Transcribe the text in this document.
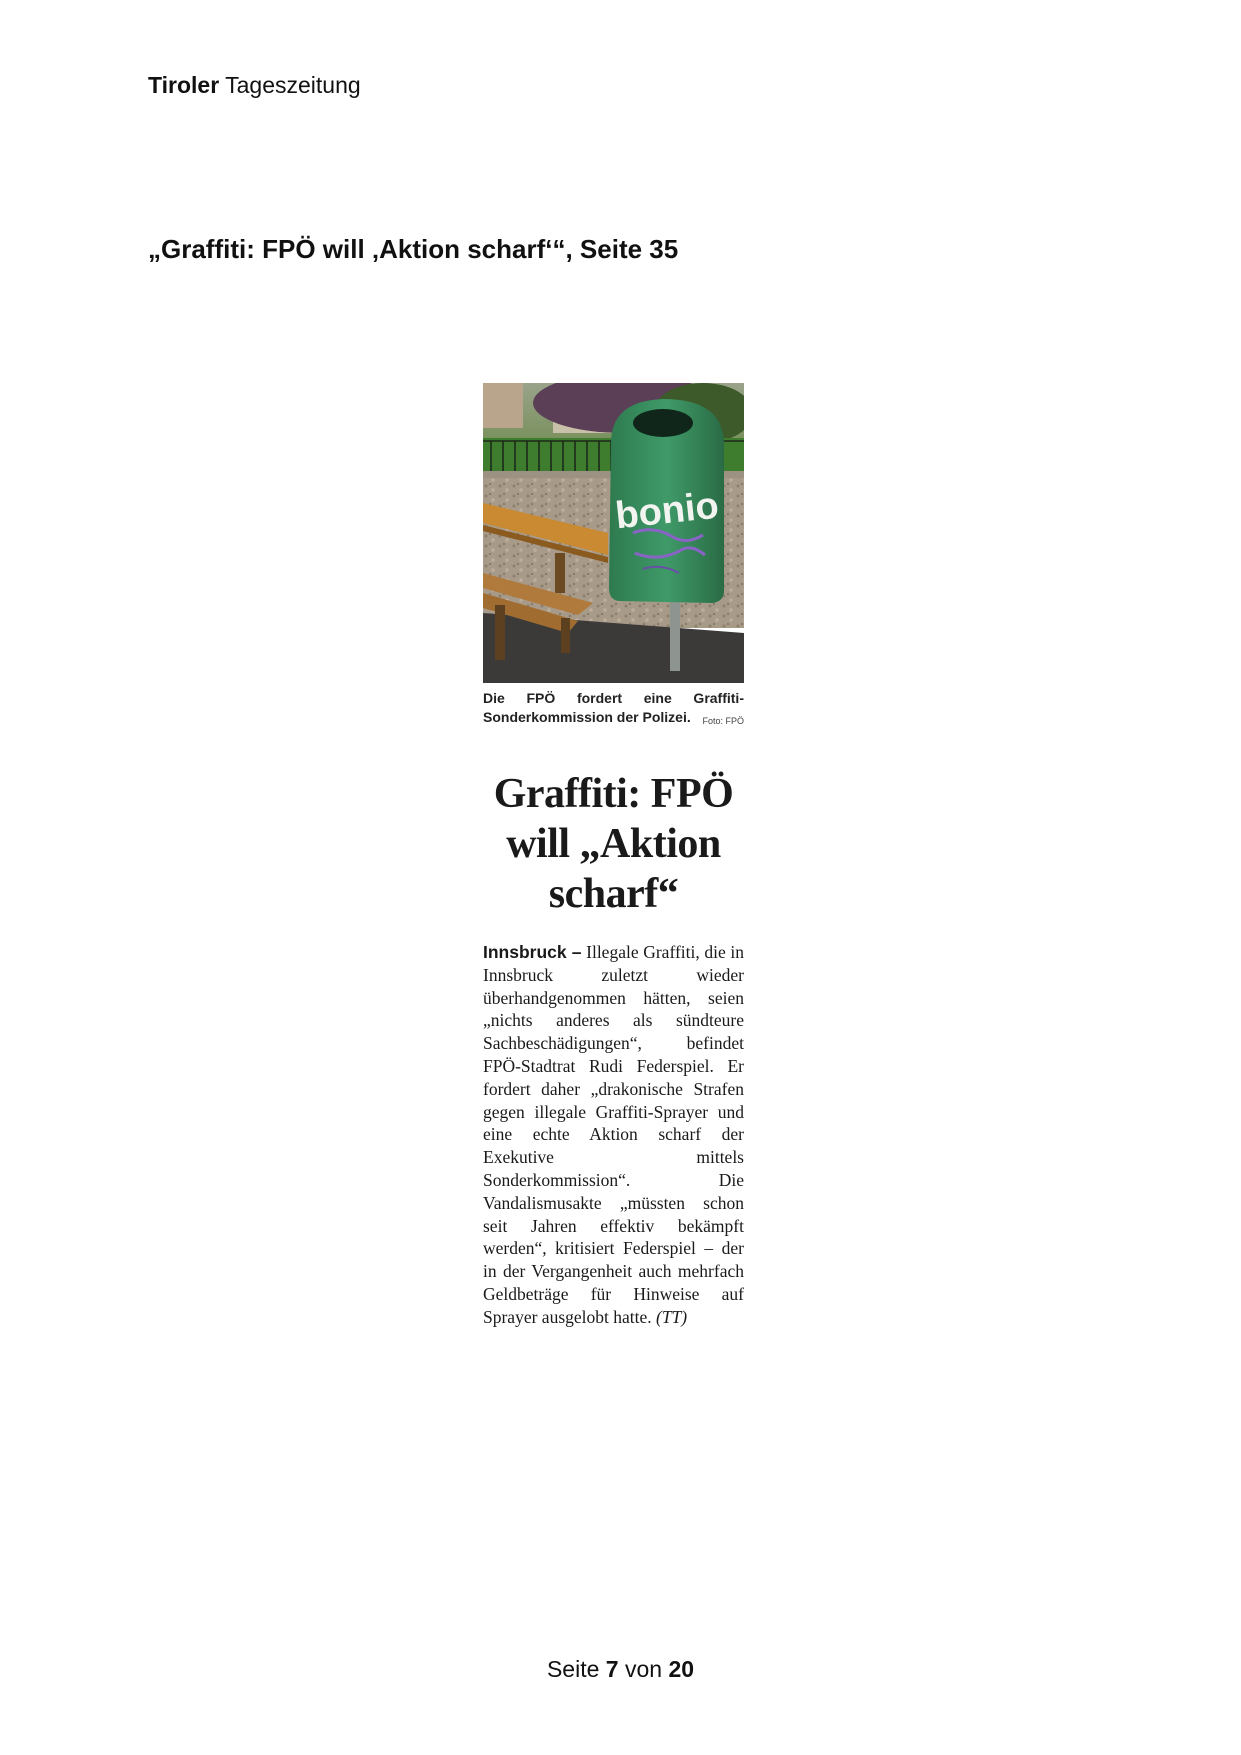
Tiroler Tageszeitung
„Graffiti: FPÖ will ‚Aktion scharf‘“, Seite 35
bonio
Die FPÖ fordert eine Graffiti-Sonderkommission der Polizei. Foto: FPÖ
Graffiti: FPÖ will „Aktion scharf“

Innsbruck – Illegale Graffiti, die in Innsbruck zuletzt wieder überhandgenommen hätten, seien „nichts anderes als sündteure Sachbeschädigungen“, befindet FPÖ-Stadtrat Rudi Federspiel. Er fordert daher „drakonische Strafen gegen illegale Graffiti-Sprayer und eine echte Aktion scharf der Exekutive mittels Sonderkommission“. Die Vandalismusakte „müssten schon seit Jahren effektiv bekämpft werden“, kritisiert Federspiel – der in der Vergangenheit auch mehrfach Geldbeträge für Hinweise auf Sprayer ausgelobt hatte. (TT)

Seite 7 von 20
